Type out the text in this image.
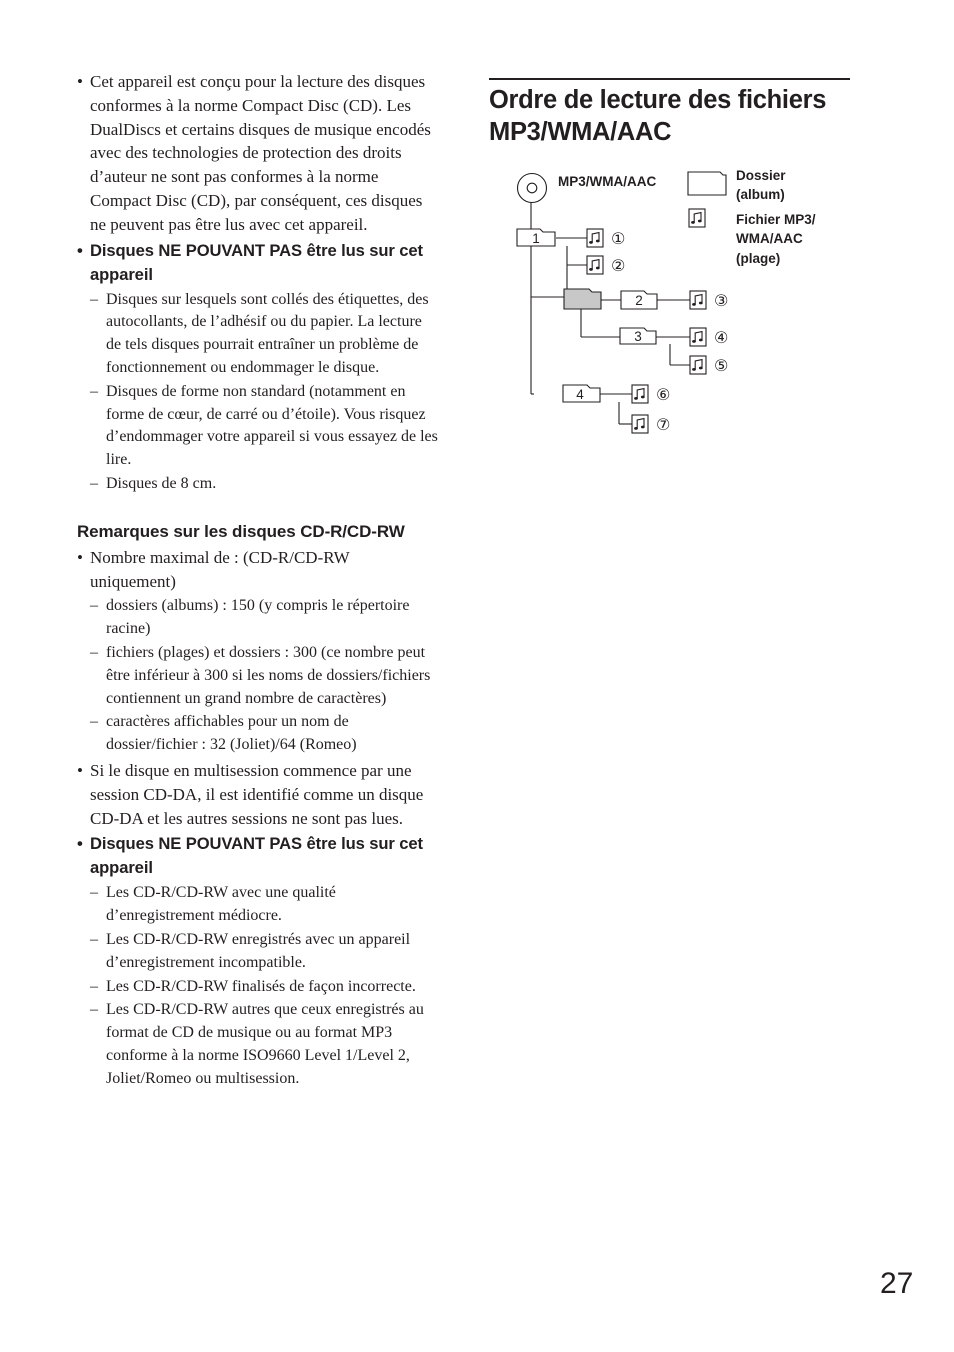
• Cet appareil est conçu pour la lecture des disques conformes à la norme Compact Disc (CD). Les DualDiscs et certains disques de musique encodés avec des technologies de protection des droits d’auteur ne sont pas conformes à la norme Compact Disc (CD), par conséquent, ces disques ne peuvent pas être lus avec cet appareil.
• Disques NE POUVANT PAS être lus sur cet appareil
– Disques sur lesquels sont collés des étiquettes, des autocollants, de l’adhésif ou du papier. La lecture de tels disques pourrait entraîner un problème de fonctionnement ou endommager le disque.
– Disques de forme non standard (notamment en forme de cœur, de carré ou d’étoile). Vous risquez d’endommager votre appareil si vous essayez de les lire.
– Disques de 8 cm.
Remarques sur les disques CD-R/CD-RW
• Nombre maximal de : (CD-R/CD-RW uniquement)
– dossiers (albums) : 150 (y compris le répertoire racine)
– fichiers (plages) et dossiers : 300 (ce nombre peut être inférieur à 300 si les noms de dossiers/fichiers contiennent un grand nombre de caractères)
– caractères affichables pour un nom de dossier/fichier : 32 (Joliet)/64 (Romeo)
• Si le disque en multisession commence par une session CD-DA, il est identifié comme un disque CD-DA et les autres sessions ne sont pas lues.
• Disques NE POUVANT PAS être lus sur cet appareil
– Les CD-R/CD-RW avec une qualité d’enregistrement médiocre.
– Les CD-R/CD-RW enregistrés avec un appareil d’enregistrement incompatible.
– Les CD-R/CD-RW finalisés de façon incorrecte.
– Les CD-R/CD-RW autres que ceux enregistrés au format de CD de musique ou au format MP3 conforme à la norme ISO9660 Level 1/Level 2, Joliet/Romeo ou multisession.
Ordre de lecture des fichiers
MP3/WMA/AAC
MP3/WMA/AAC
1
2
3
4
①
②
③
④
⑤
⑥
⑦
Dossier (album)
Fichier MP3/ WMA/AAC (plage)
27
